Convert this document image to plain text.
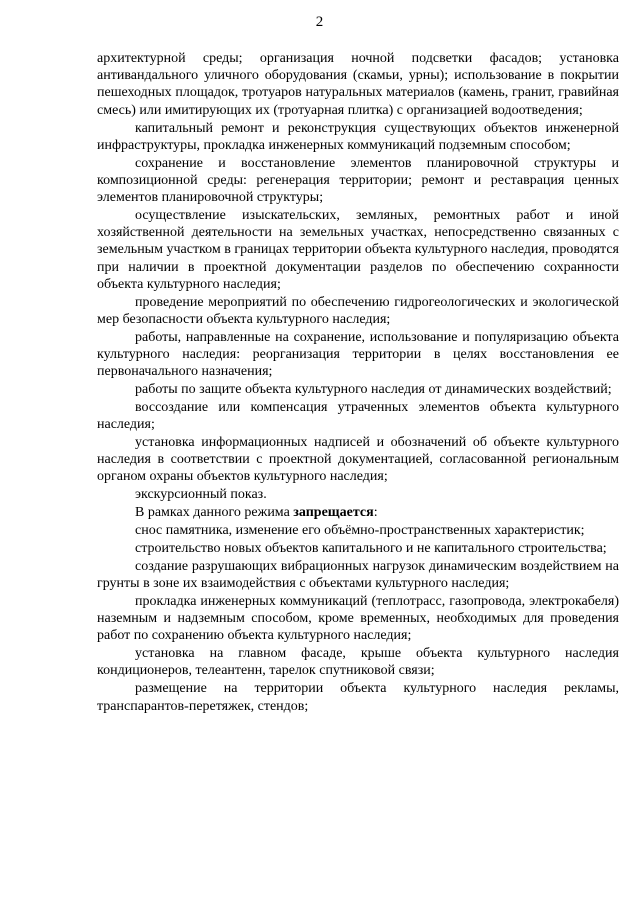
2

архитектурной среды; организация ночной подсветки фасадов; установка антивандального уличного оборудования (скамьи, урны); использование в покрытии пешеходных площадок, тротуаров натуральных материалов (камень, гранит, гравийная смесь) или имитирующих их (тротуарная плитка) с организацией водоотведения;

капитальный ремонт и реконструкция существующих объектов инженерной инфраструктуры, прокладка инженерных коммуникаций подземным способом;

сохранение и восстановление элементов планировочной структуры и композиционной среды: регенерация территории; ремонт и реставрация ценных элементов планировочной структуры;

осуществление изыскательских, земляных, ремонтных работ и иной хозяйственной деятельности на земельных участках, непосредственно связанных с земельным участком в границах территории объекта культурного наследия, проводятся при наличии в проектной документации разделов по обеспечению сохранности объекта культурного наследия;

проведение мероприятий по обеспечению гидрогеологических и экологической мер безопасности объекта культурного наследия;

работы, направленные на сохранение, использование и популяризацию объекта культурного наследия: реорганизация территории в целях восстановления ее первоначального назначения;

работы по защите объекта культурного наследия от динамических воздействий;

воссоздание или компенсация утраченных элементов объекта культурного наследия;

установка информационных надписей и обозначений об объекте культурного наследия в соответствии с проектной документацией, согласованной региональным органом охраны объектов культурного наследия;

экскурсионный показ.

В рамках данного режима запрещается:

снос памятника, изменение его объёмно-пространственных характеристик;

строительство новых объектов капитального и не капитального строительства;

создание разрушающих вибрационных нагрузок динамическим воздействием на грунты в зоне их взаимодействия с объектами культурного наследия;

прокладка инженерных коммуникаций (теплотрасс, газопровода, электрокабеля) наземным и надземным способом, кроме временных, необходимых для проведения работ по сохранению объекта культурного наследия;

установка на главном фасаде, крыше объекта культурного наследия кондиционеров, телеантенн, тарелок спутниковой связи;

размещение на территории объекта культурного наследия рекламы, транспарантов-перетяжек, стендов;
